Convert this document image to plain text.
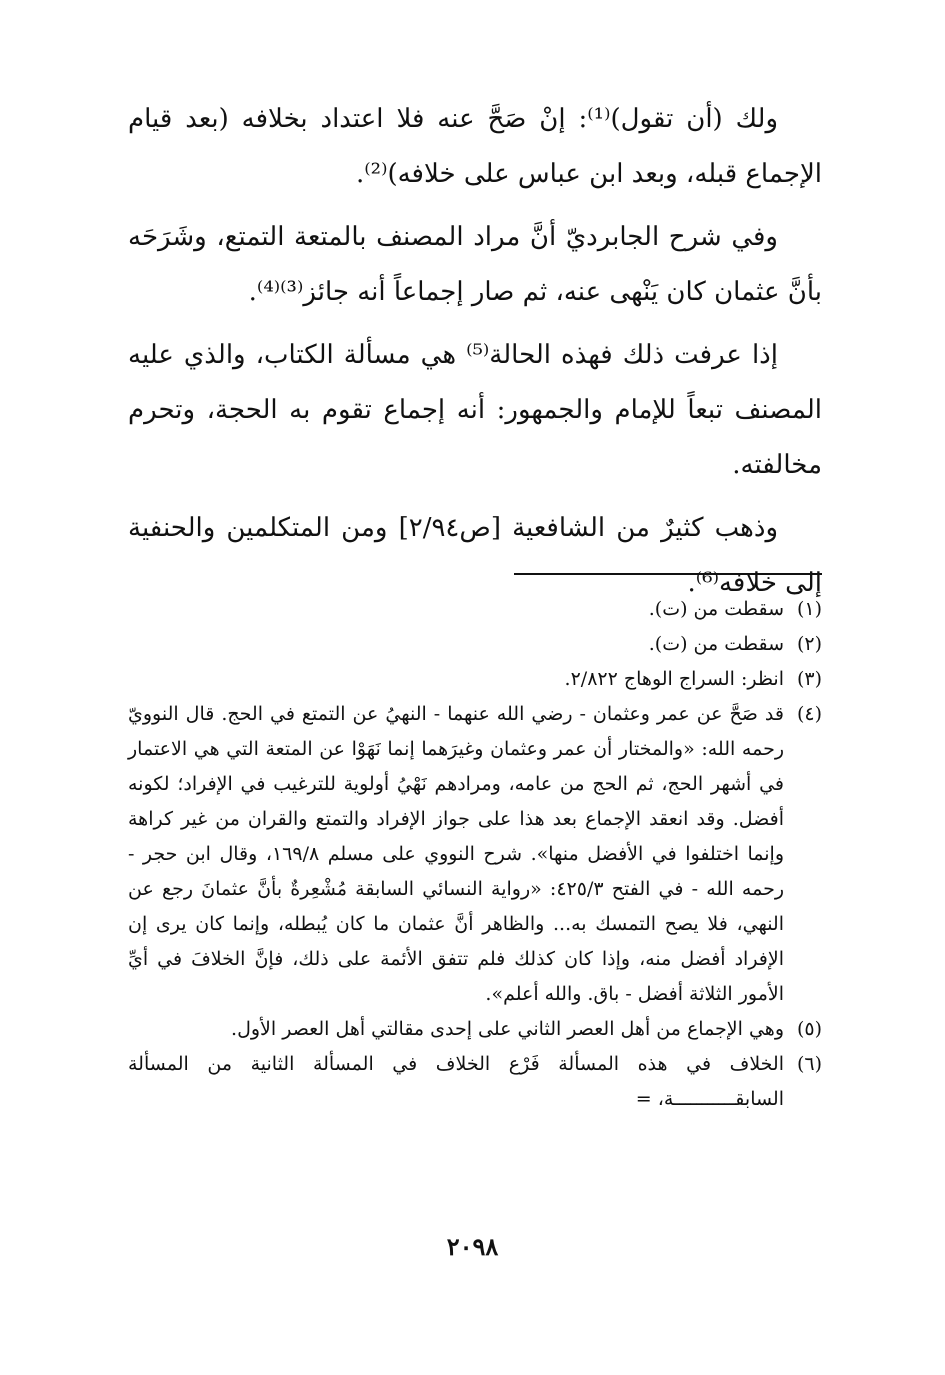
ولك (أن تقول)⁽¹⁾: إنْ صَحَّ عنه فلا اعتداد بخلافه (بعد قيام الإجماع قبله، وبعد ابن عباس على خلافه)⁽²⁾.

وفي شرح الجابرديّ أنَّ مراد المصنف بالمتعة التمتع، وشَرَحَه بأنَّ عثمان كان يَنْهى عنه، ثم صار إجماعاً أنه جائز⁽³⁾⁽⁴⁾.

إذا عرفت ذلك فهذه الحالة⁽⁵⁾ هي مسألة الكتاب، والذي عليه المصنف تبعاً للإمام والجمهور: أنه إجماع تقوم به الحجة، وتحرم مخالفته.

وذهب كثيرٌ من الشافعية [ص٢/٩٤] ومن المتكلمين والحنفية إلى خلافه⁽⁶⁾.

(١)

سقطت من (ت).

(٢)

سقطت من (ت).

(٣)

انظر: السراج الوهاج ٢/٨٢٢.

(٤)

قد صَحَّ عن عمر وعثمان - رضي الله عنهما - النهيُ عن التمتع في الحج. قال النوويّ رحمه الله: «والمختار أن عمر وعثمان وغيرَهما إنما نَهَوْا عن المتعة التي هي الاعتمار في أشهر الحج، ثم الحج من عامه، ومرادهم نَهْيُ أولوية للترغيب في الإفراد؛ لكونه أفضل. وقد انعقد الإجماع بعد هذا على جواز الإفراد والتمتع والقران من غير كراهة وإنما اختلفوا في الأفضل منها». شرح النووي على مسلم ١٦٩/٨، وقال ابن حجر - رحمه الله - في الفتح ٤٢٥/٣: «رواية النسائي السابقة مُشْعِرةٌ بأنَّ عثمانَ رجع عن النهي، فلا يصح التمسك به... والظاهر أنَّ عثمان ما كان يُبطله، وإنما كان يرى إن الإفراد أفضل منه، وإذا كان كذلك فلم تتفق الأئمة على ذلك، فإنَّ الخلافَ في أيِّ الأمور الثلاثة أفضل - باق. والله أعلم».

(٥)

وهي الإجماع من أهل العصر الثاني على إحدى مقالتي أهل العصر الأول.

(٦)

الخلاف في هذه المسألة فَرْع الخلاف في المسألة الثانية من المسألة السابقـــــــــــة، =

٢٠٩٨
